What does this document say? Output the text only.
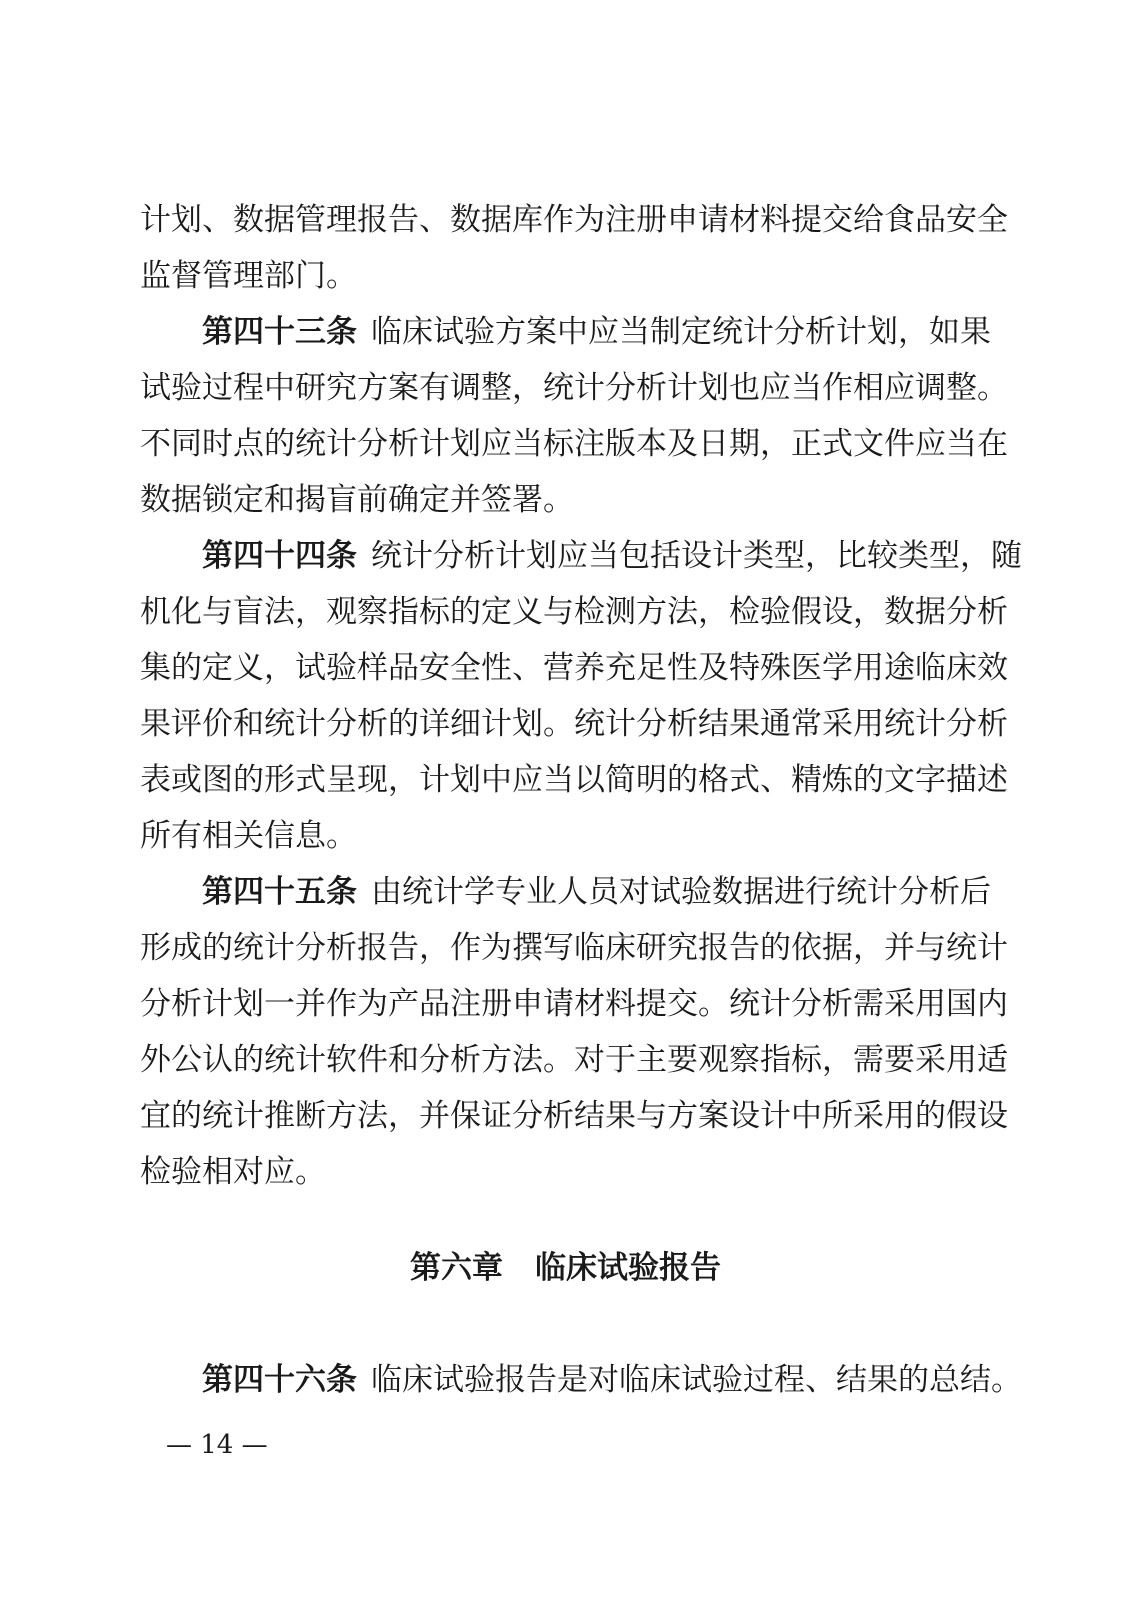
计划、数据管理报告、数据库作为注册申请材料提交给食品安全
监督管理部门。
第四十三条 临床试验方案中应当制定统计分析计划，如果
试验过程中研究方案有调整，统计分析计划也应当作相应调整。
不同时点的统计分析计划应当标注版本及日期，正式文件应当在
数据锁定和揭盲前确定并签署。
第四十四条 统计分析计划应当包括设计类型，比较类型，随
机化与盲法，观察指标的定义与检测方法，检验假设，数据分析
集的定义，试验样品安全性、营养充足性及特殊医学用途临床效
果评价和统计分析的详细计划。统计分析结果通常采用统计分析
表或图的形式呈现，计划中应当以简明的格式、精炼的文字描述
所有相关信息。
第四十五条 由统计学专业人员对试验数据进行统计分析后
形成的统计分析报告，作为撰写临床研究报告的依据，并与统计
分析计划一并作为产品注册申请材料提交。统计分析需采用国内
外公认的统计软件和分析方法。对于主要观察指标，需要采用适
宜的统计推断方法，并保证分析结果与方案设计中所采用的假设
检验相对应。
第六章 临床试验报告
第四十六条 临床试验报告是对临床试验过程、结果的总结。
— 14 —
